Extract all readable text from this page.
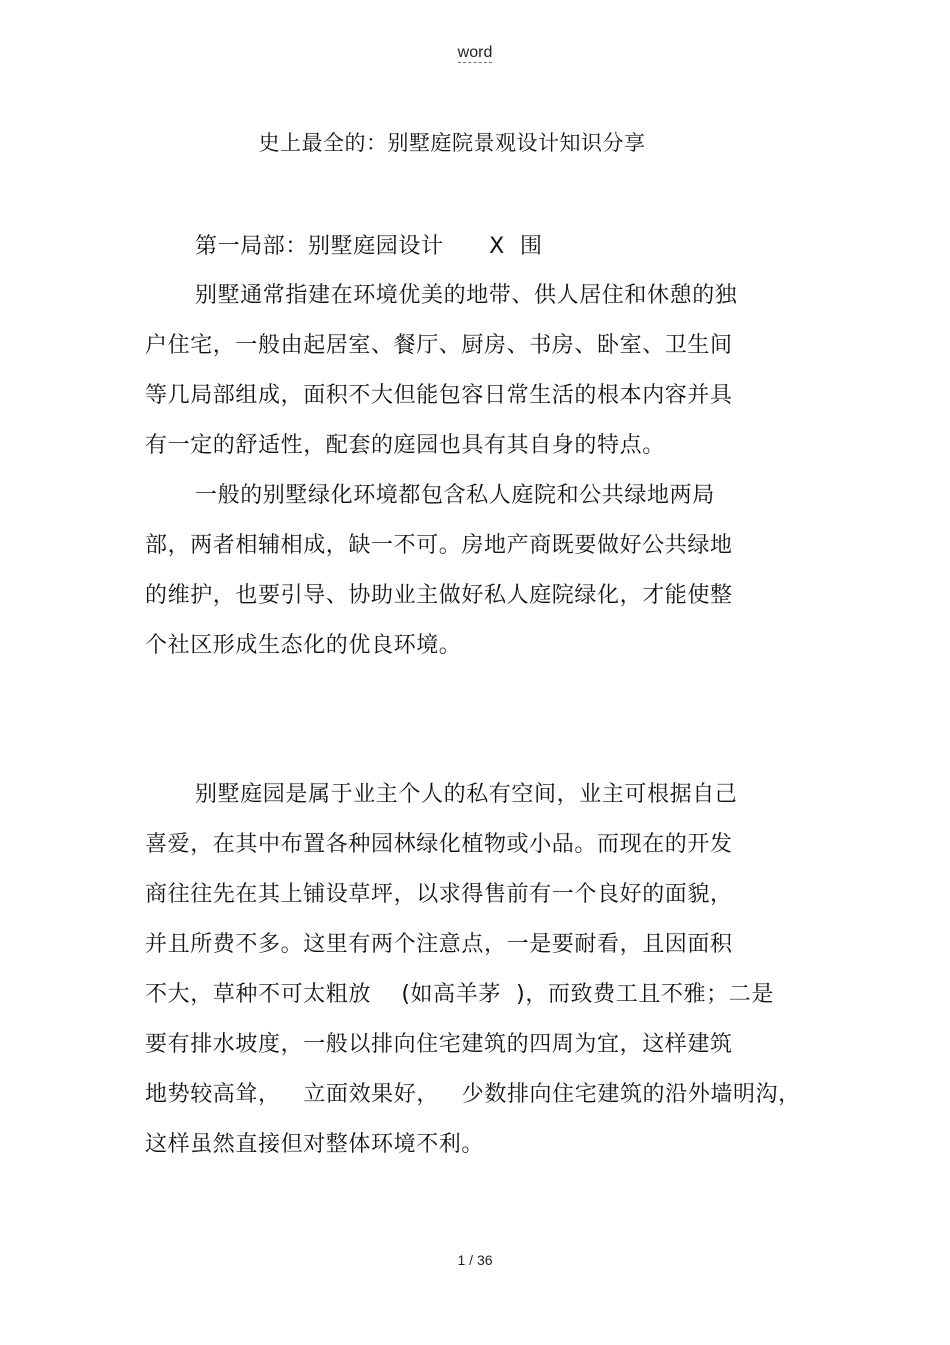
word
史上最全的：别墅庭院景观设计知识分享
第一局部：别墅庭园设计      X  围
别墅通常指建在环境优美的地带、供人居住和休憩的独
户住宅，一般由起居室、餐厅、厨房、书房、卧室、卫生间
等几局部组成，面积不大但能包容日常生活的根本内容并具
有一定的舒适性，配套的庭园也具有其自身的特点。
一般的别墅绿化环境都包含私人庭院和公共绿地两局
部，两者相辅相成，缺一不可。房地产商既要做好公共绿地
的维护，也要引导、协助业主做好私人庭院绿化，才能使整
个社区形成生态化的优良环境。
别墅庭园是属于业主个人的私有空间，业主可根据自己
喜爱，在其中布置各种园林绿化植物或小品。而现在的开发
商往往先在其上铺设草坪，以求得售前有一个良好的面貌，
并且所费不多。这里有两个注意点，一是要耐看，且因面积
不大，草种不可太粗放    (如高羊茅  )，而致费工且不雅；二是
要有排水坡度，一般以排向住宅建筑的四周为宜，这样建筑
地势较高耸，   立面效果好，   少数排向住宅建筑的沿外墙明沟，
这样虽然直接但对整体环境不利。
1 / 36
